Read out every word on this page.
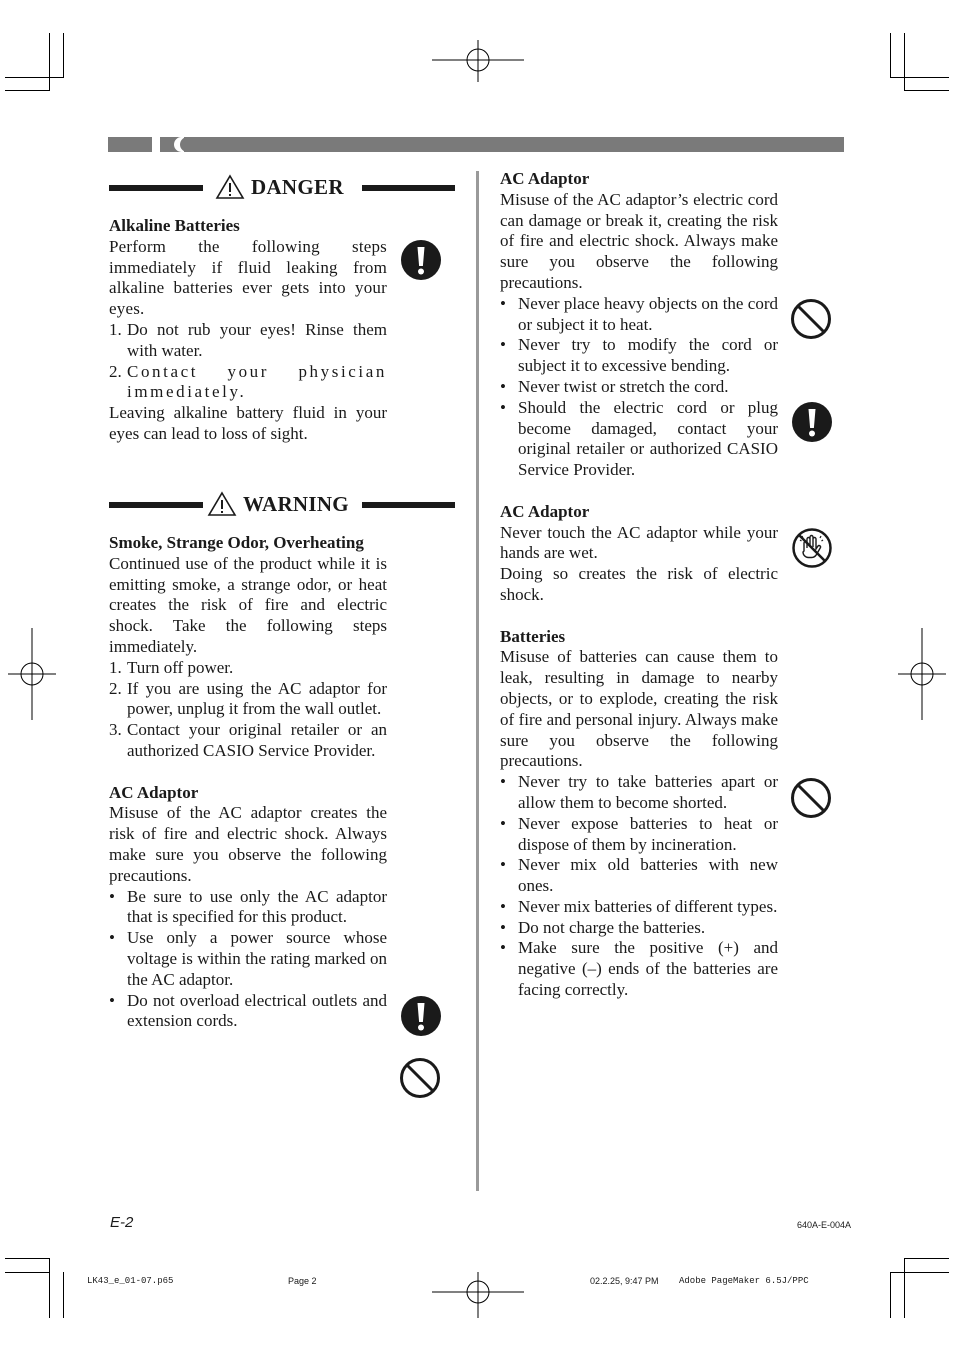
DANGER
WARNING
Alkaline Batteries
Perform the following steps immediately if fluid leaking from alkaline batteries ever gets into your eyes.
1. Do not rub your eyes! Rinse them with water.
2. Contact your physician immediately.
Leaving alkaline battery fluid in your eyes can lead to loss of sight.
Smoke, Strange Odor, Overheating
Continued use of the product while it is emitting smoke, a strange odor, or heat creates the risk of fire and electric shock. Take the following steps immediately.
1. Turn off power.
2. If you are using the AC adaptor for power, unplug it from the wall outlet.
3. Contact your original retailer or an authorized CASIO Service Provider.
AC Adaptor
Misuse of the AC adaptor creates the risk of fire and electric shock. Always make sure you observe the following precautions.
• Be sure to use only the AC adaptor that is specified for this product.
• Use only a power source whose voltage is within the rating marked on the AC adaptor.
• Do not overload electrical outlets and extension cords.
AC Adaptor
Misuse of the AC adaptor’s electric cord can damage or break it, creating the risk of fire and electric shock. Always make sure you observe the following precautions.
• Never place heavy objects on the cord or subject it to heat.
• Never try to modify the cord or subject it to excessive bending.
• Never twist or stretch the cord.
• Should the electric cord or plug become damaged, contact your original retailer or authorized CASIO Service Provider.
AC Adaptor
Never touch the AC adaptor while your hands are wet.
Doing so creates the risk of electric shock.
Batteries
Misuse of batteries can cause them to leak, resulting in damage to nearby objects, or to explode, creating the risk of fire and personal injury. Always make sure you observe the following precautions.
• Never try to take batteries apart or allow them to become shorted.
• Never expose batteries to heat or dispose of them by incineration.
• Never mix old batteries with new ones.
• Never mix batteries of different types.
• Do not charge the batteries.
• Make sure the positive (+) and negative (–) ends of the batteries are facing correctly.
E-2	640A-E-004A
LK43_e_01-07.p65	Page 2	02.2.25, 9:47 PM Adobe PageMaker 6.5J/PPC
